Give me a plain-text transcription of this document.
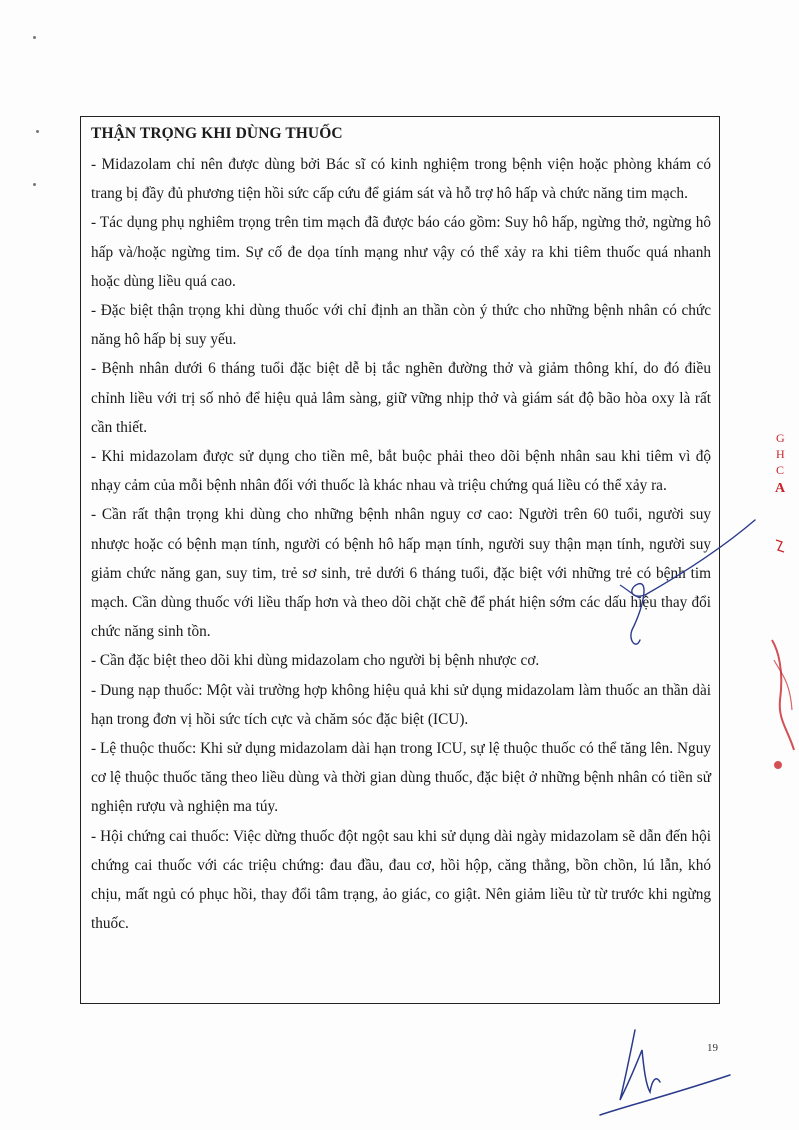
THẬN TRỌNG KHI DÙNG THUỐC

- Midazolam chỉ nên được dùng bởi Bác sĩ có kinh nghiệm trong bệnh viện hoặc phòng khám có trang bị đầy đủ phương tiện hồi sức cấp cứu để giám sát và hỗ trợ hô hấp và chức năng tim mạch.

- Tác dụng phụ nghiêm trọng trên tim mạch đã được báo cáo gồm: Suy hô hấp, ngừng thở, ngừng hô hấp và/hoặc ngừng tim. Sự cố đe dọa tính mạng như vậy có thể xảy ra khi tiêm thuốc quá nhanh hoặc dùng liều quá cao.

- Đặc biệt thận trọng khi dùng thuốc với chỉ định an thần còn ý thức cho những bệnh nhân có chức năng hô hấp bị suy yếu.

- Bệnh nhân dưới 6 tháng tuổi đặc biệt dễ bị tắc nghẽn đường thở và giảm thông khí, do đó điều chỉnh liều với trị số nhỏ để hiệu quả lâm sàng, giữ vững nhịp thở và giám sát độ bão hòa oxy là rất cần thiết.

- Khi midazolam được sử dụng cho tiền mê, bắt buộc phải theo dõi bệnh nhân sau khi tiêm vì độ nhạy cảm của mỗi bệnh nhân đối với thuốc là khác nhau và triệu chứng quá liều có thể xảy ra.

- Cần rất thận trọng khi dùng cho những bệnh nhân nguy cơ cao: Người trên 60 tuổi, người suy nhược hoặc có bệnh mạn tính, người có bệnh hô hấp mạn tính, người suy thận mạn tính, người suy giảm chức năng gan, suy tim, trẻ sơ sinh, trẻ dưới 6 tháng tuổi, đặc biệt với những trẻ có bệnh tim mạch. Cần dùng thuốc với liều thấp hơn và theo dõi chặt chẽ để phát hiện sớm các dấu hiệu thay đổi chức năng sinh tồn.

- Cần đặc biệt theo dõi khi dùng midazolam cho người bị bệnh nhược cơ.

- Dung nạp thuốc: Một vài trường hợp không hiệu quả khi sử dụng midazolam làm thuốc an thần dài hạn trong đơn vị hồi sức tích cực và chăm sóc đặc biệt (ICU).

- Lệ thuộc thuốc: Khi sử dụng midazolam dài hạn trong ICU, sự lệ thuộc thuốc có thể tăng lên. Nguy cơ lệ thuộc thuốc tăng theo liều dùng và thời gian dùng thuốc, đặc biệt ở những bệnh nhân có tiền sử nghiện rượu và nghiện ma túy.

- Hội chứng cai thuốc: Việc dừng thuốc đột ngột sau khi sử dụng dài ngày midazolam sẽ dẫn đến hội chứng cai thuốc với các triệu chứng: đau đầu, đau cơ, hồi hộp, căng thẳng, bồn chồn, lú lẫn, khó chịu, mất ngủ có phục hồi, thay đổi tâm trạng, ảo giác, co giật. Nên giảm liều từ từ trước khi ngừng thuốc.

G
H
C
A
19
